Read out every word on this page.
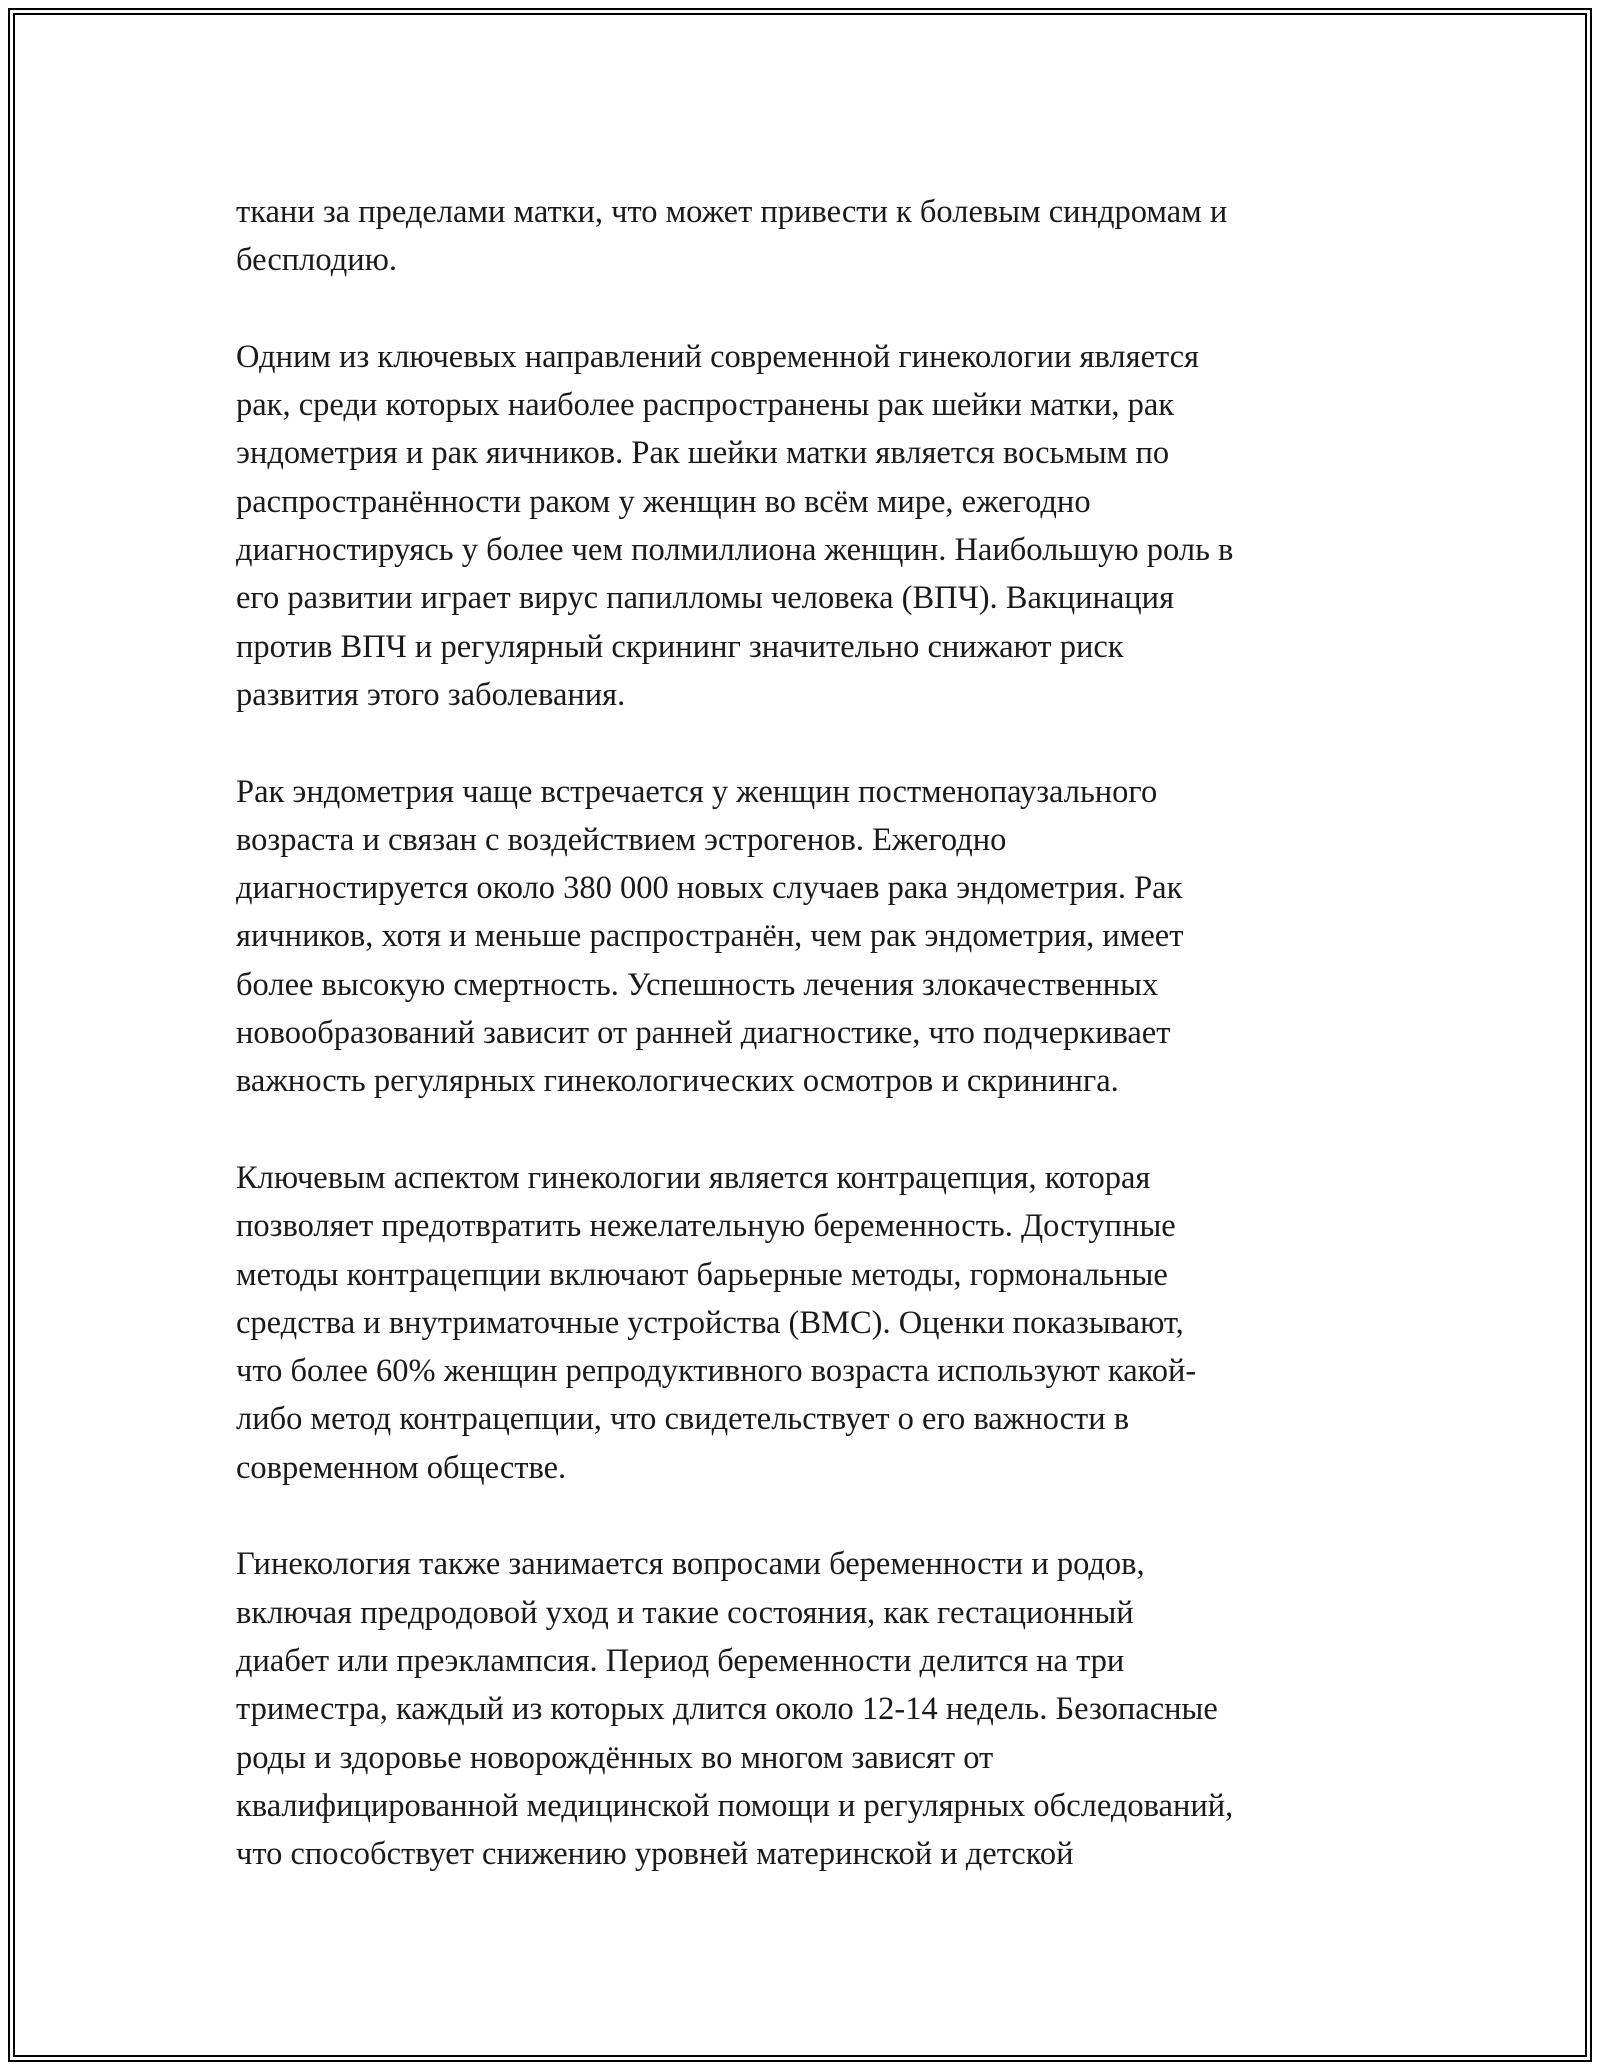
ткани за пределами матки, что может привести к болевым синдромам и
бесплодию.

Одним из ключевых направлений современной гинекологии является
рак, среди которых наиболее распространены рак шейки матки, рак
эндометрия и рак яичников. Рак шейки матки является восьмым по
распространённости раком у женщин во всём мире, ежегодно
диагностируясь у более чем полмиллиона женщин. Наибольшую роль в
его развитии играет вирус папилломы человека (ВПЧ). Вакцинация
против ВПЧ и регулярный скрининг значительно снижают риск
развития этого заболевания.

Рак эндометрия чаще встречается у женщин постменопаузального
возраста и связан с воздействием эстрогенов. Ежегодно
диагностируется около 380 000 новых случаев рака эндометрия. Рак
яичников, хотя и меньше распространён, чем рак эндометрия, имеет
более высокую смертность. Успешность лечения злокачественных
новообразований зависит от ранней диагностике, что подчеркивает
важность регулярных гинекологических осмотров и скрининга.

Ключевым аспектом гинекологии является контрацепция, которая
позволяет предотвратить нежелательную беременность. Доступные
методы контрацепции включают барьерные методы, гормональные
средства и внутриматочные устройства (ВМС). Оценки показывают,
что более 60% женщин репродуктивного возраста используют какой-
либо метод контрацепции, что свидетельствует о его важности в
современном обществе.

Гинекология также занимается вопросами беременности и родов,
включая предродовой уход и такие состояния, как гестационный
диабет или преэклампсия. Период беременности делится на три
триместра, каждый из которых длится около 12-14 недель. Безопасные
роды и здоровье новорождённых во многом зависят от
квалифицированной медицинской помощи и регулярных обследований,
что способствует снижению уровней материнской и детской
